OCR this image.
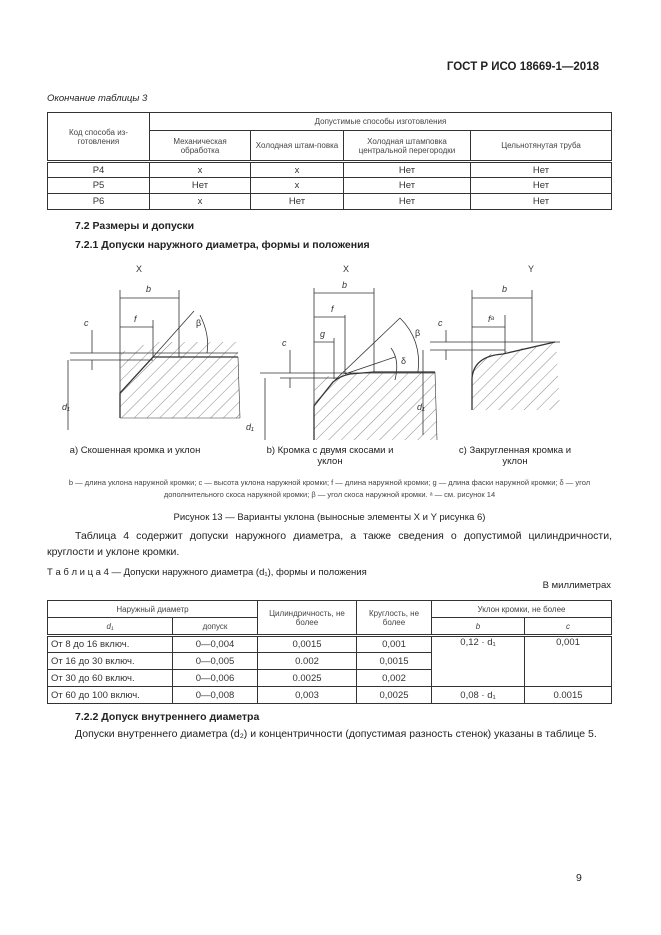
ГОСТ Р ИСО 18669-1—2018
Окончание таблицы 3
Код способа из-готовления	Допустимые способы изготовления			
	Механическая обработка	Холодная штам-повка	Холодная штамповка центральной перегородки	Цельнотянутая труба
P4	x	x	Нет	Нет
P5	Нет	x	Нет	Нет
P6	x	Нет	Нет	Нет
7.2 Размеры и допуски
7.2.1 Допуски наружного диаметра, формы и положения
X
b
f
c	β
d₁
X
b
f
g
c
β
δ
d₁
Y
b
fᵃ
c
d₁
a) Скошенная кромка и уклон	b) Кромка с двумя скосами и уклон
c) Закругленная кромка и уклон
b — длина уклона наружной кромки; c — высота уклона наружной кромки; f — длина наружной кромки; g — длина фаски наружной кромки; δ — угол дополнительного скоса наружной кромки; β — угол скоса наружной кромки. ᵃ — см. рисунок 14
Рисунок 13 — Варианты уклона (выносные элементы X и Y рисунка 6)
Таблица 4 содержит допуски наружного диаметра, а также сведения о допустимой цилиндричности, круглости и уклоне кромки.
Т а б л и ц а 4 — Допуски наружного диаметра (d₁), формы и положения
В миллиметрах
Наружный диаметр		Цилиндричность, не более	Круглость, не более	Уклон кромки, не более	
d₁	допуск			b	c
От 8 до 16 включ.	0—0,004	0,0015	0,001	0,12 · d₁	0,001
От 16 до 30 включ.	0—0,005	0.002	0,0015		
От 30 до 60 включ.	0—0,006	0.0025	0,002		
От 60 до 100 включ.	0—0,008	0,003	0,0025	0,08 · d₁	0.0015
7.2.2 Допуск внутреннего диаметра
Допуски внутреннего диаметра (d₂) и концентричности (допустимая разность стенок) указаны в таблице 5.
9
